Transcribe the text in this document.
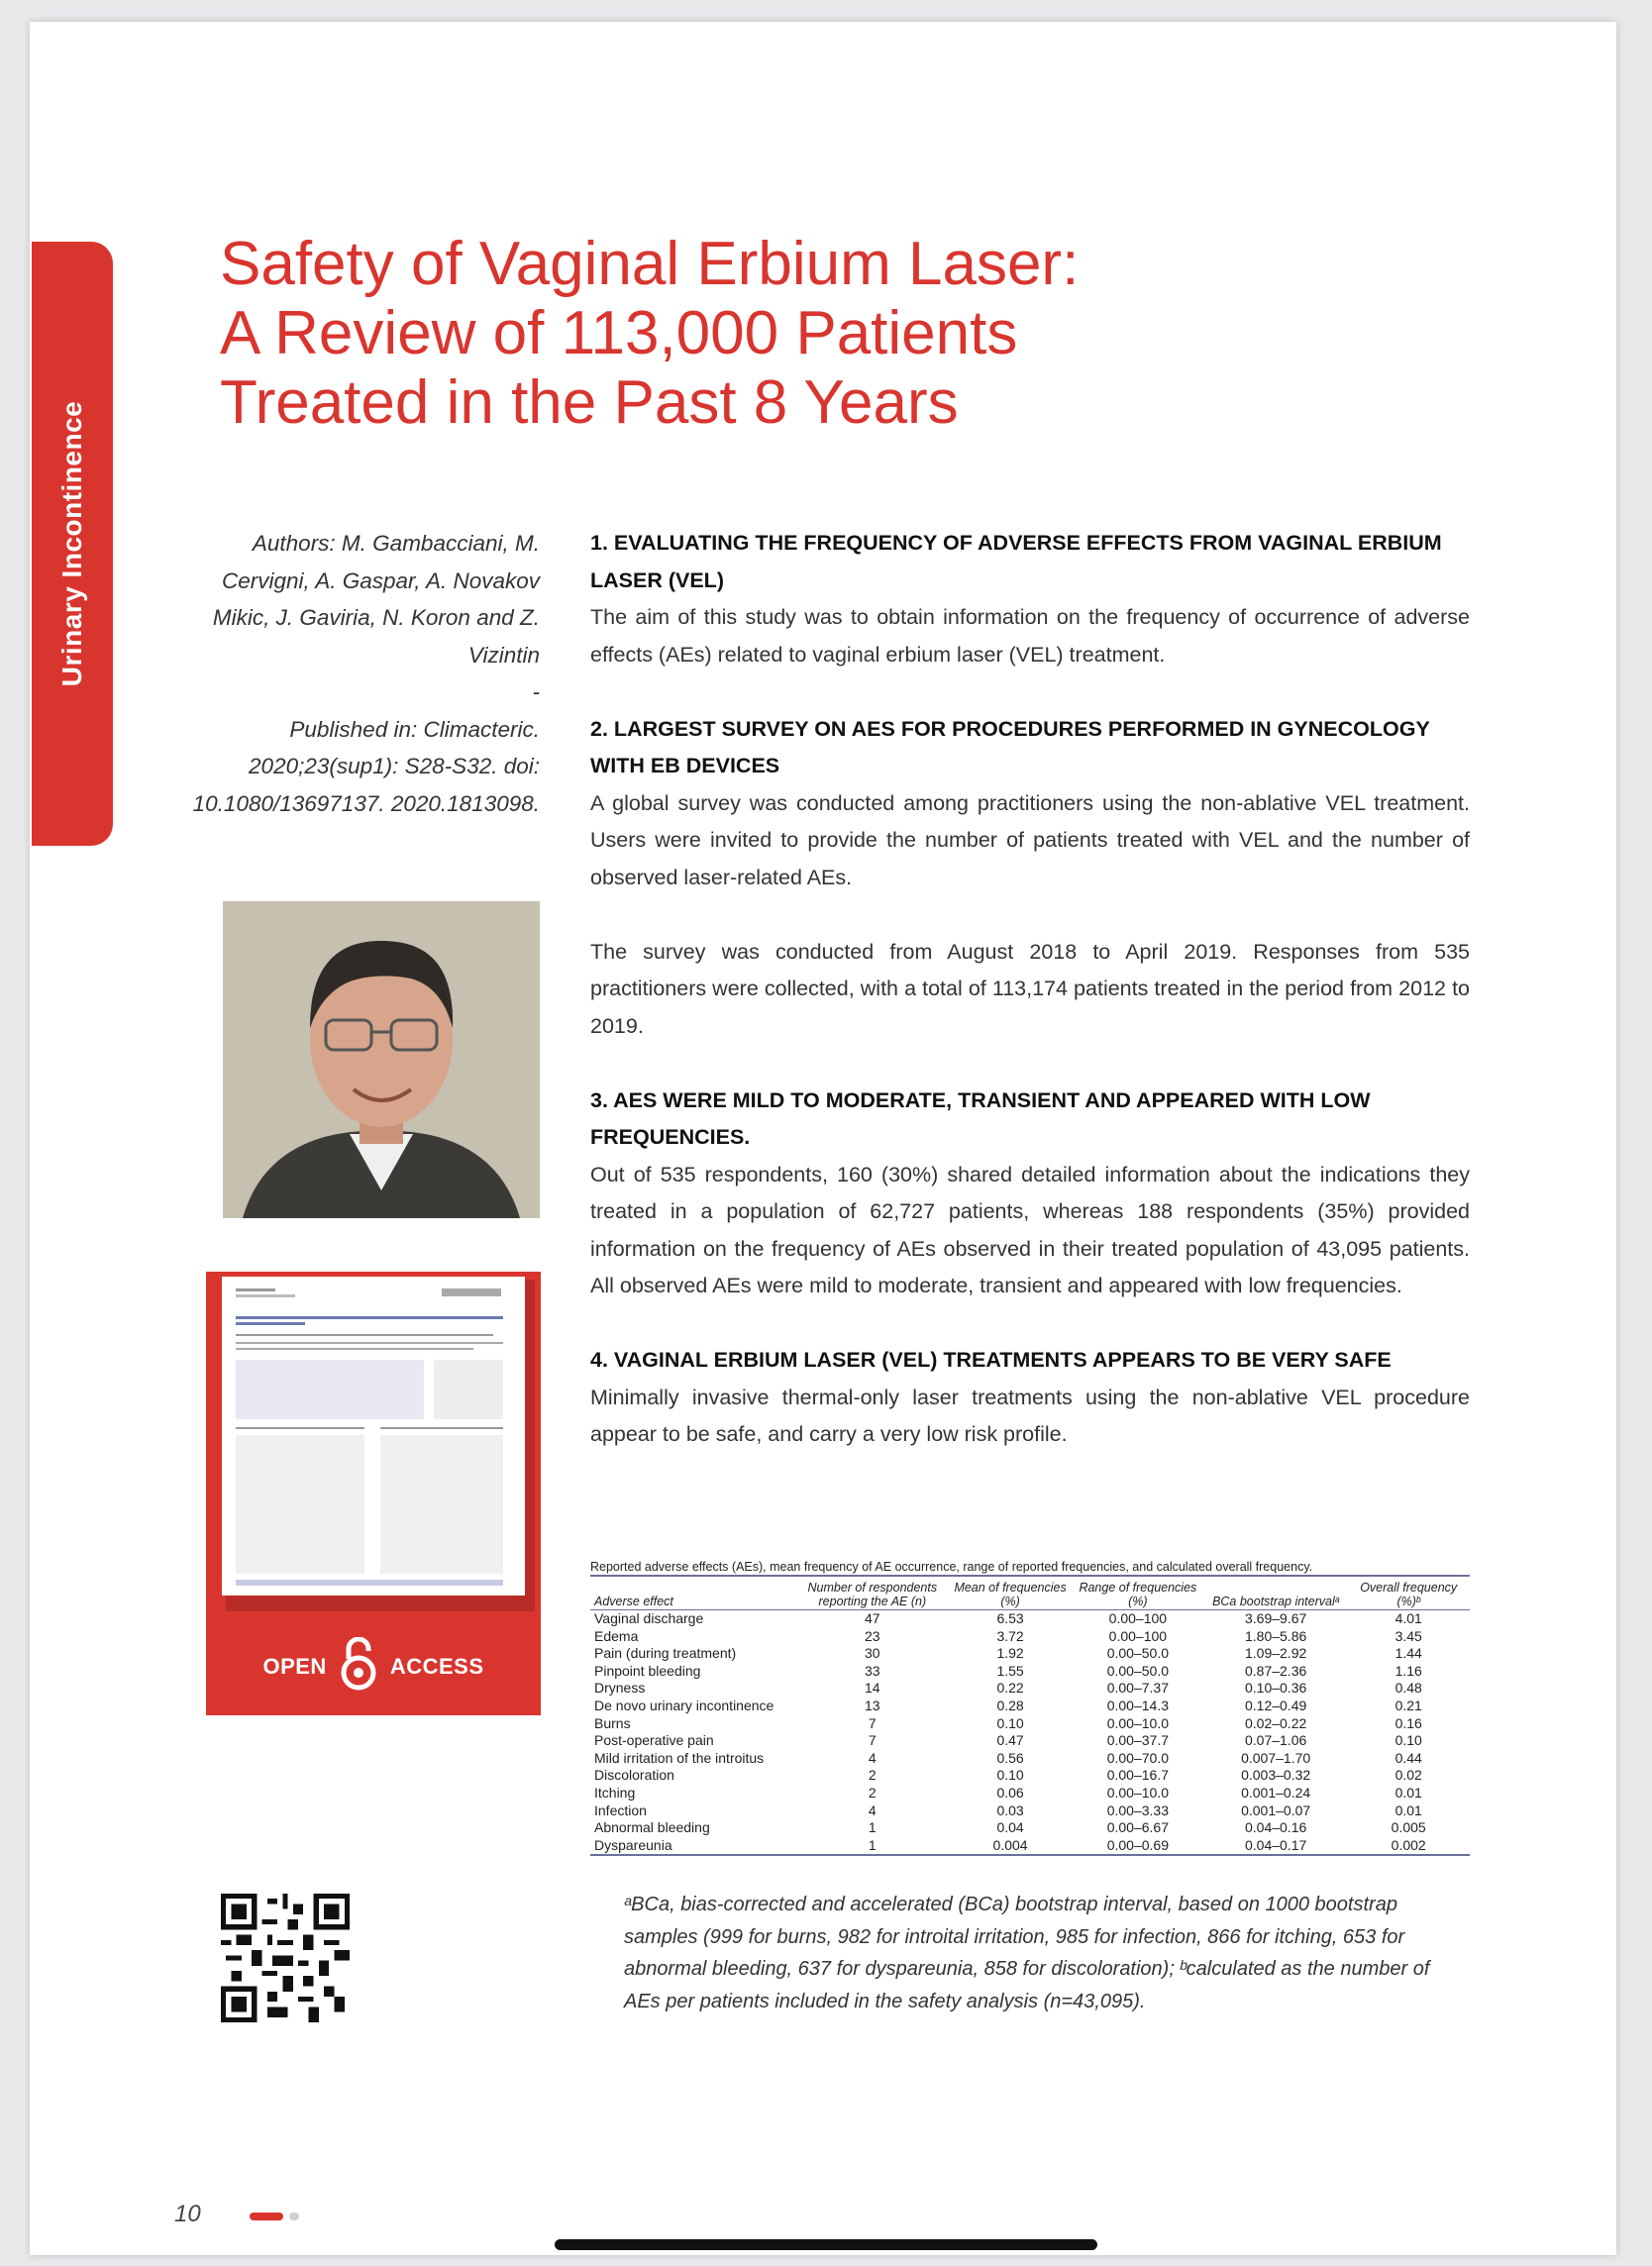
Urinary Incontinence
Safety of Vaginal Erbium Laser:
A Review of 113,000 Patients
Treated in the Past 8 Years
Authors: M. Gambacciani, M. Cervigni, A. Gaspar, A. Novakov Mikic, J. Gaviria, N. Koron and Z. Vizintin
-
Published in: Climacteric. 2020;23(sup1): S28-S32. doi: 10.1080/13697137. 2020.1813098.
OPEN	ACCESS
1. EVALUATING THE FREQUENCY OF ADVERSE EFFECTS FROM VAGINAL ERBIUM LASER (VEL)
The aim of this study was to obtain information on the frequency of occurrence of adverse effects (AEs) related to vaginal erbium laser (VEL) treatment.
2. LARGEST SURVEY ON AES FOR PROCEDURES PERFORMED IN GYNECOLOGY WITH EB DEVICES
A global survey was conducted among practitioners using the non-ablative VEL treatment. Users were invited to provide the number of patients treated with VEL and the number of observed laser-related AEs.
The survey was conducted from August 2018 to April 2019. Responses from 535 practitioners were collected, with a total of 113,174 patients treated in the period from 2012 to 2019.
3. AES WERE MILD TO MODERATE, TRANSIENT AND APPEARED WITH LOW FREQUENCIES.
Out of 535 respondents, 160 (30%) shared detailed information about the indications they treated in a population of 62,727 patients, whereas 188 respondents (35%) provided information on the frequency of AEs observed in their treated population of 43,095 patients. All observed AEs were mild to moderate, transient and appeared with low frequencies.
4. VAGINAL ERBIUM LASER (VEL) TREATMENTS APPEARS TO BE VERY SAFE
Minimally invasive thermal-only laser treatments using the non-ablative VEL procedure appear to be safe, and carry a very low risk profile.
Reported adverse effects (AEs), mean frequency of AE occurrence, range of reported frequencies, and calculated overall frequency.
Adverse effect	Number of respondents reporting the AE (n)	Mean of frequencies (%)	Range of frequencies (%)	BCa bootstrap intervalᵃ	Overall frequency (%)ᵇ
Vaginal discharge	47	6.53	0.00–100	3.69–9.67	4.01
Edema	23	3.72	0.00–100	1.80–5.86	3.45
Pain (during treatment)	30	1.92	0.00–50.0	1.09–2.92	1.44
Pinpoint bleeding	33	1.55	0.00–50.0	0.87–2.36	1.16
Dryness	14	0.22	0.00–7.37	0.10–0.36	0.48
De novo urinary incontinence	13	0.28	0.00–14.3	0.12–0.49	0.21
Burns	7	0.10	0.00–10.0	0.02–0.22	0.16
Post-operative pain	7	0.47	0.00–37.7	0.07–1.06	0.10
Mild irritation of the introitus	4	0.56	0.00–70.0	0.007–1.70	0.44
Discoloration	2	0.10	0.00–16.7	0.003–0.32	0.02
Itching	2	0.06	0.00–10.0	0.001–0.24	0.01
Infection	4	0.03	0.00–3.33	0.001–0.07	0.01
Abnormal bleeding	1	0.04	0.00–6.67	0.04–0.16	0.005
Dyspareunia	1	0.004	0.00–0.69	0.04–0.17	0.002
ᵃBCa, bias-corrected and accelerated (BCa) bootstrap interval, based on 1000 bootstrap samples (999 for burns, 982 for introital irritation, 985 for infection, 866 for itching, 653 for abnormal bleeding, 637 for dyspareunia, 858 for discoloration); ᵇcalculated as the number of AEs per patients included in the safety analysis (n=43,095).
10
